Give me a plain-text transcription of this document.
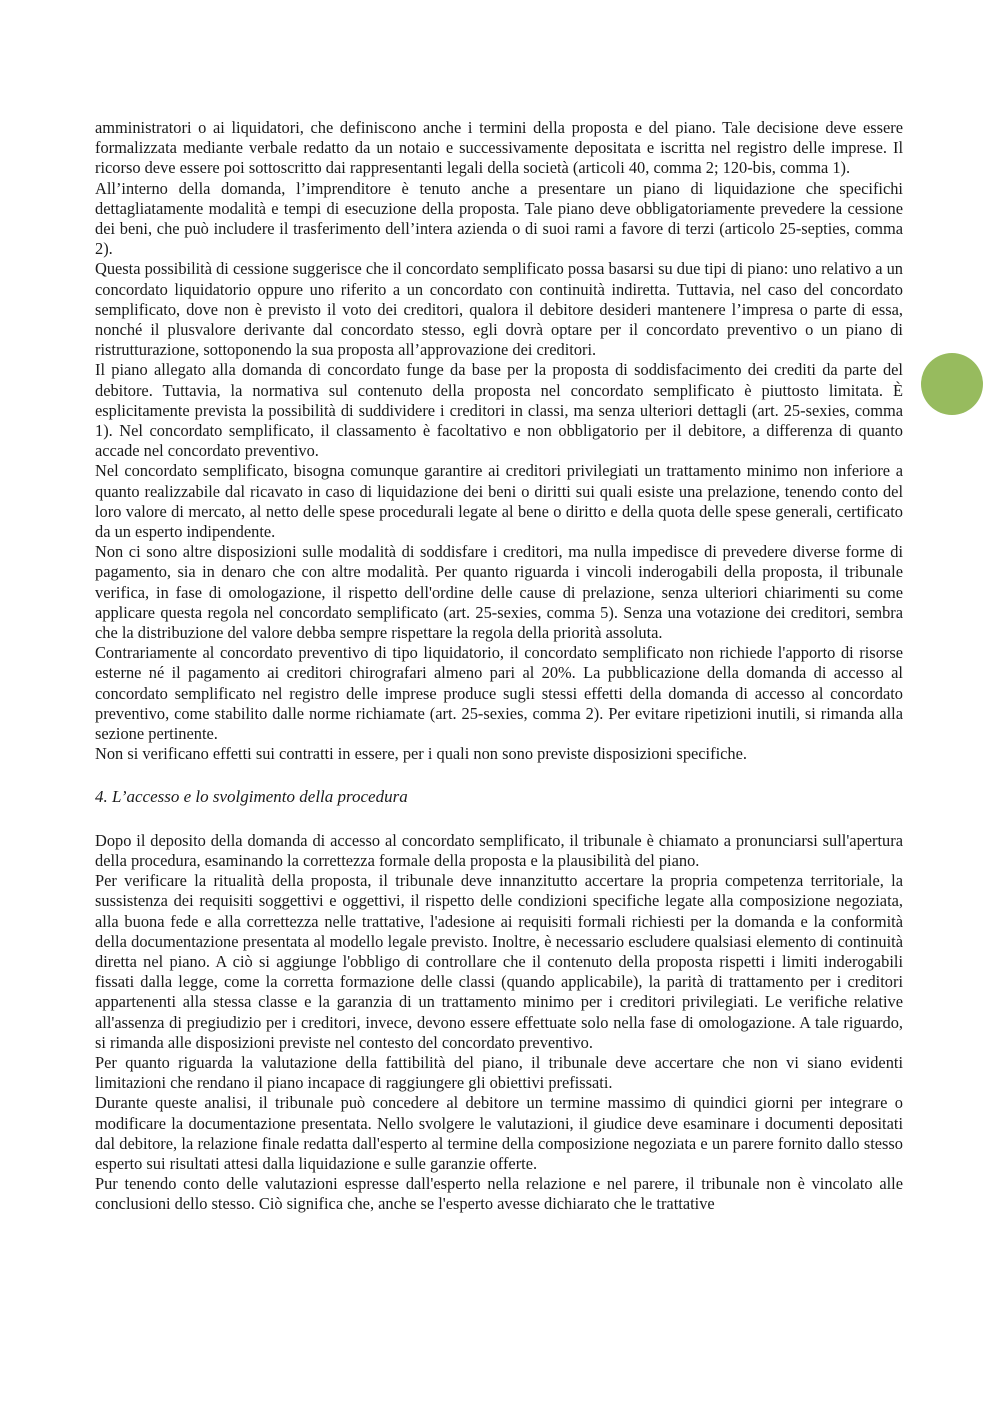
amministratori o ai liquidatori, che definiscono anche i termini della proposta e del piano. Tale decisione deve essere formalizzata mediante verbale redatto da un notaio e successivamente depositata e iscritta nel registro delle imprese. Il ricorso deve essere poi sottoscritto dai rappresentanti legali della società (articoli 40, comma 2; 120-bis, comma 1).

All’interno della domanda, l’imprenditore è tenuto anche a presentare un piano di liquidazione che specifichi dettagliatamente modalità e tempi di esecuzione della proposta. Tale piano deve obbligatoriamente prevedere la cessione dei beni, che può includere il trasferimento dell’intera azienda o di suoi rami a favore di terzi (articolo 25-septies, comma 2).

Questa possibilità di cessione suggerisce che il concordato semplificato possa basarsi su due tipi di piano: uno relativo a un concordato liquidatorio oppure uno riferito a un concordato con continuità indiretta. Tuttavia, nel caso del concordato semplificato, dove non è previsto il voto dei creditori, qualora il debitore desideri mantenere l’impresa o parte di essa, nonché il plusvalore derivante dal concordato stesso, egli dovrà optare per il concordato preventivo o un piano di ristrutturazione, sottoponendo la sua proposta all’approvazione dei creditori.

Il piano allegato alla domanda di concordato funge da base per la proposta di soddisfacimento dei crediti da parte del debitore. Tuttavia, la normativa sul contenuto della proposta nel concordato semplificato è piuttosto limitata. È esplicitamente prevista la possibilità di suddividere i creditori in classi, ma senza ulteriori dettagli (art. 25-sexies, comma 1). Nel concordato semplificato, il classamento è facoltativo e non obbligatorio per il debitore, a differenza di quanto accade nel concordato preventivo.

Nel concordato semplificato, bisogna comunque garantire ai creditori privilegiati un trattamento minimo non inferiore a quanto realizzabile dal ricavato in caso di liquidazione dei beni o diritti sui quali esiste una prelazione, tenendo conto del loro valore di mercato, al netto delle spese procedurali legate al bene o diritto e della quota delle spese generali, certificato da un esperto indipendente.

Non ci sono altre disposizioni sulle modalità di soddisfare i creditori, ma nulla impedisce di prevedere diverse forme di pagamento, sia in denaro che con altre modalità. Per quanto riguarda i vincoli inderogabili della proposta, il tribunale verifica, in fase di omologazione, il rispetto dell'ordine delle cause di prelazione, senza ulteriori chiarimenti su come applicare questa regola nel concordato semplificato (art. 25-sexies, comma 5). Senza una votazione dei creditori, sembra che la distribuzione del valore debba sempre rispettare la regola della priorità assoluta.

Contrariamente al concordato preventivo di tipo liquidatorio, il concordato semplificato non richiede l'apporto di risorse esterne né il pagamento ai creditori chirografari almeno pari al 20%. La pubblicazione della domanda di accesso al concordato semplificato nel registro delle imprese produce sugli stessi effetti della domanda di accesso al concordato preventivo, come stabilito dalle norme richiamate (art. 25-sexies, comma 2). Per evitare ripetizioni inutili, si rimanda alla sezione pertinente.

Non si verificano effetti sui contratti in essere, per i quali non sono previste disposizioni specifiche.

4. L’accesso e lo svolgimento della procedura

Dopo il deposito della domanda di accesso al concordato semplificato, il tribunale è chiamato a pronunciarsi sull'apertura della procedura, esaminando la correttezza formale della proposta e la plausibilità del piano.

Per verificare la ritualità della proposta, il tribunale deve innanzitutto accertare la propria competenza territoriale, la sussistenza dei requisiti soggettivi e oggettivi, il rispetto delle condizioni specifiche legate alla composizione negoziata, alla buona fede e alla correttezza nelle trattative, l'adesione ai requisiti formali richiesti per la domanda e la conformità della documentazione presentata al modello legale previsto. Inoltre, è necessario escludere qualsiasi elemento di continuità diretta nel piano. A ciò si aggiunge l'obbligo di controllare che il contenuto della proposta rispetti i limiti inderogabili fissati dalla legge, come la corretta formazione delle classi (quando applicabile), la parità di trattamento per i creditori appartenenti alla stessa classe e la garanzia di un trattamento minimo per i creditori privilegiati. Le verifiche relative all'assenza di pregiudizio per i creditori, invece, devono essere effettuate solo nella fase di omologazione. A tale riguardo, si rimanda alle disposizioni previste nel contesto del concordato preventivo.

Per quanto riguarda la valutazione della fattibilità del piano, il tribunale deve accertare che non vi siano evidenti limitazioni che rendano il piano incapace di raggiungere gli obiettivi prefissati.

Durante queste analisi, il tribunale può concedere al debitore un termine massimo di quindici giorni per integrare o modificare la documentazione presentata. Nello svolgere le valutazioni, il giudice deve esaminare i documenti depositati dal debitore, la relazione finale redatta dall'esperto al termine della composizione negoziata e un parere fornito dallo stesso esperto sui risultati attesi dalla liquidazione e sulle garanzie offerte.

Pur tenendo conto delle valutazioni espresse dall'esperto nella relazione e nel parere, il tribunale non è vincolato alle conclusioni dello stesso. Ciò significa che, anche se l'esperto avesse dichiarato che le trattative
